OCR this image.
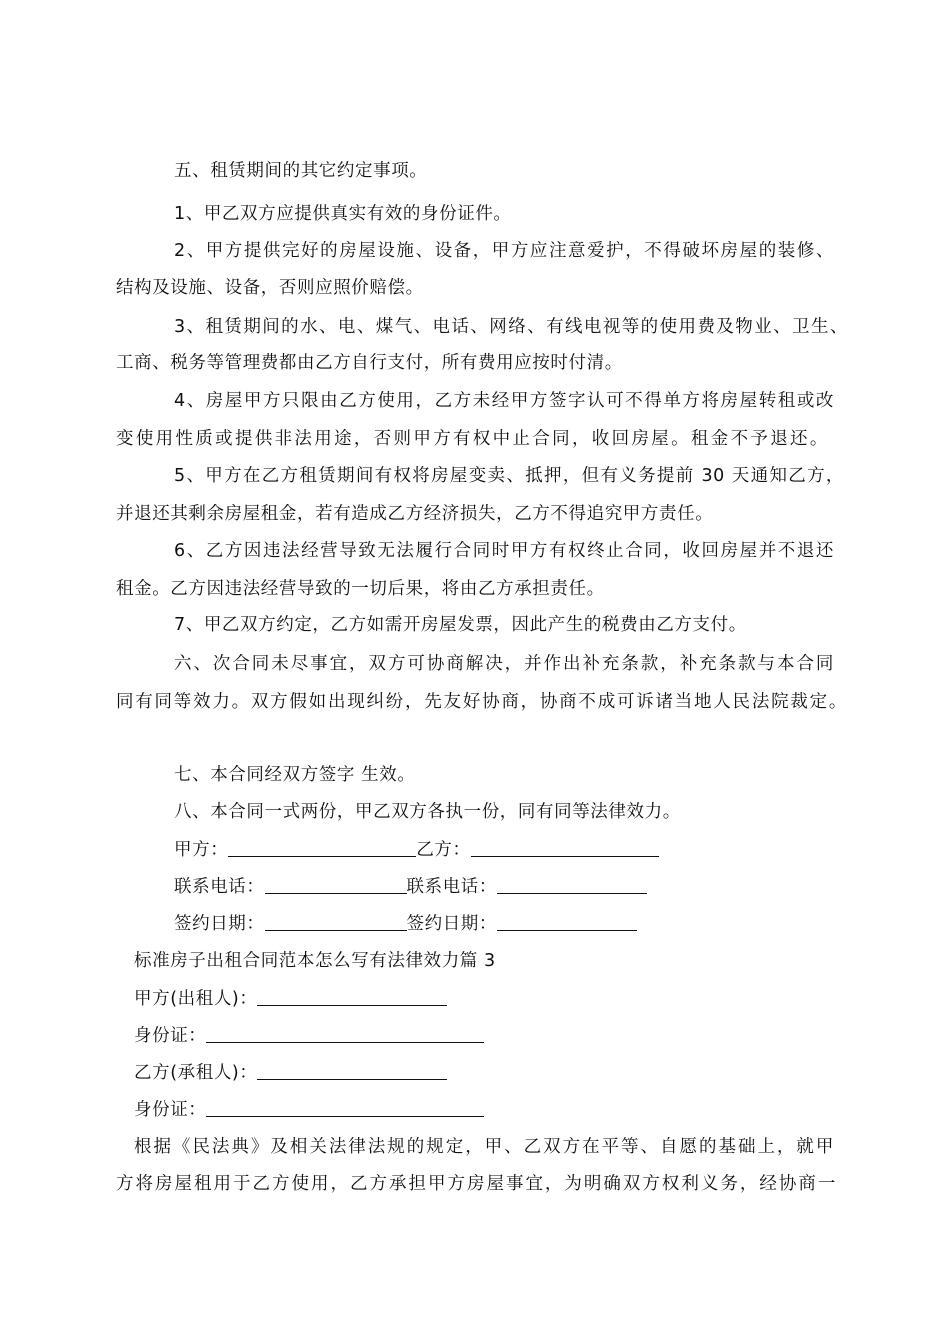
五、租赁期间的其它约定事项。
1、甲乙双方应提供真实有效的身份证件。
2、甲方提供完好的房屋设施、设备，甲方应注意爱护，不得破坏房屋的装修、
结构及设施、设备，否则应照价赔偿。
3、租赁期间的水、电、煤气、电话、网络、有线电视等的使用费及物业、卫生、
工商、税务等管理费都由乙方自行支付，所有费用应按时付清。
4、房屋甲方只限由乙方使用，乙方未经甲方签字认可不得单方将房屋转租或改
变使用性质或提供非法用途，否则甲方有权中止合同，收回房屋。租金不予退还。
5、甲方在乙方租赁期间有权将房屋变卖、抵押，但有义务提前 30 天通知乙方，
并退还其剩余房屋租金，若有造成乙方经济损失，乙方不得追究甲方责任。
6、乙方因违法经营导致无法履行合同时甲方有权终止合同，收回房屋并不退还
租金。乙方因违法经营导致的一切后果，将由乙方承担责任。
7、甲乙双方约定，乙方如需开房屋发票，因此产生的税费由乙方支付。
六、次合同未尽事宜，双方可协商解决，并作出补充条款，补充条款与本合同
同有同等效力。双方假如出现纠纷，先友好协商，协商不成可诉诸当地人民法院裁定。
七、本合同经双方签字 生效。
八、本合同一式两份，甲乙双方各执一份，同有同等法律效力。
甲方：	乙方：
联系电话：	联系电话：
签约日期：	签约日期：
标准房子出租合同范本怎么写有法律效力篇 3
甲方(出租人)：
身份证：
乙方(承租人)：
身份证：
根据《民法典》及相关法律法规的规定，甲、乙双方在平等、自愿的基础上，就甲
方将房屋租用于乙方使用，乙方承担甲方房屋事宜，为明确双方权利义务，经协商一
